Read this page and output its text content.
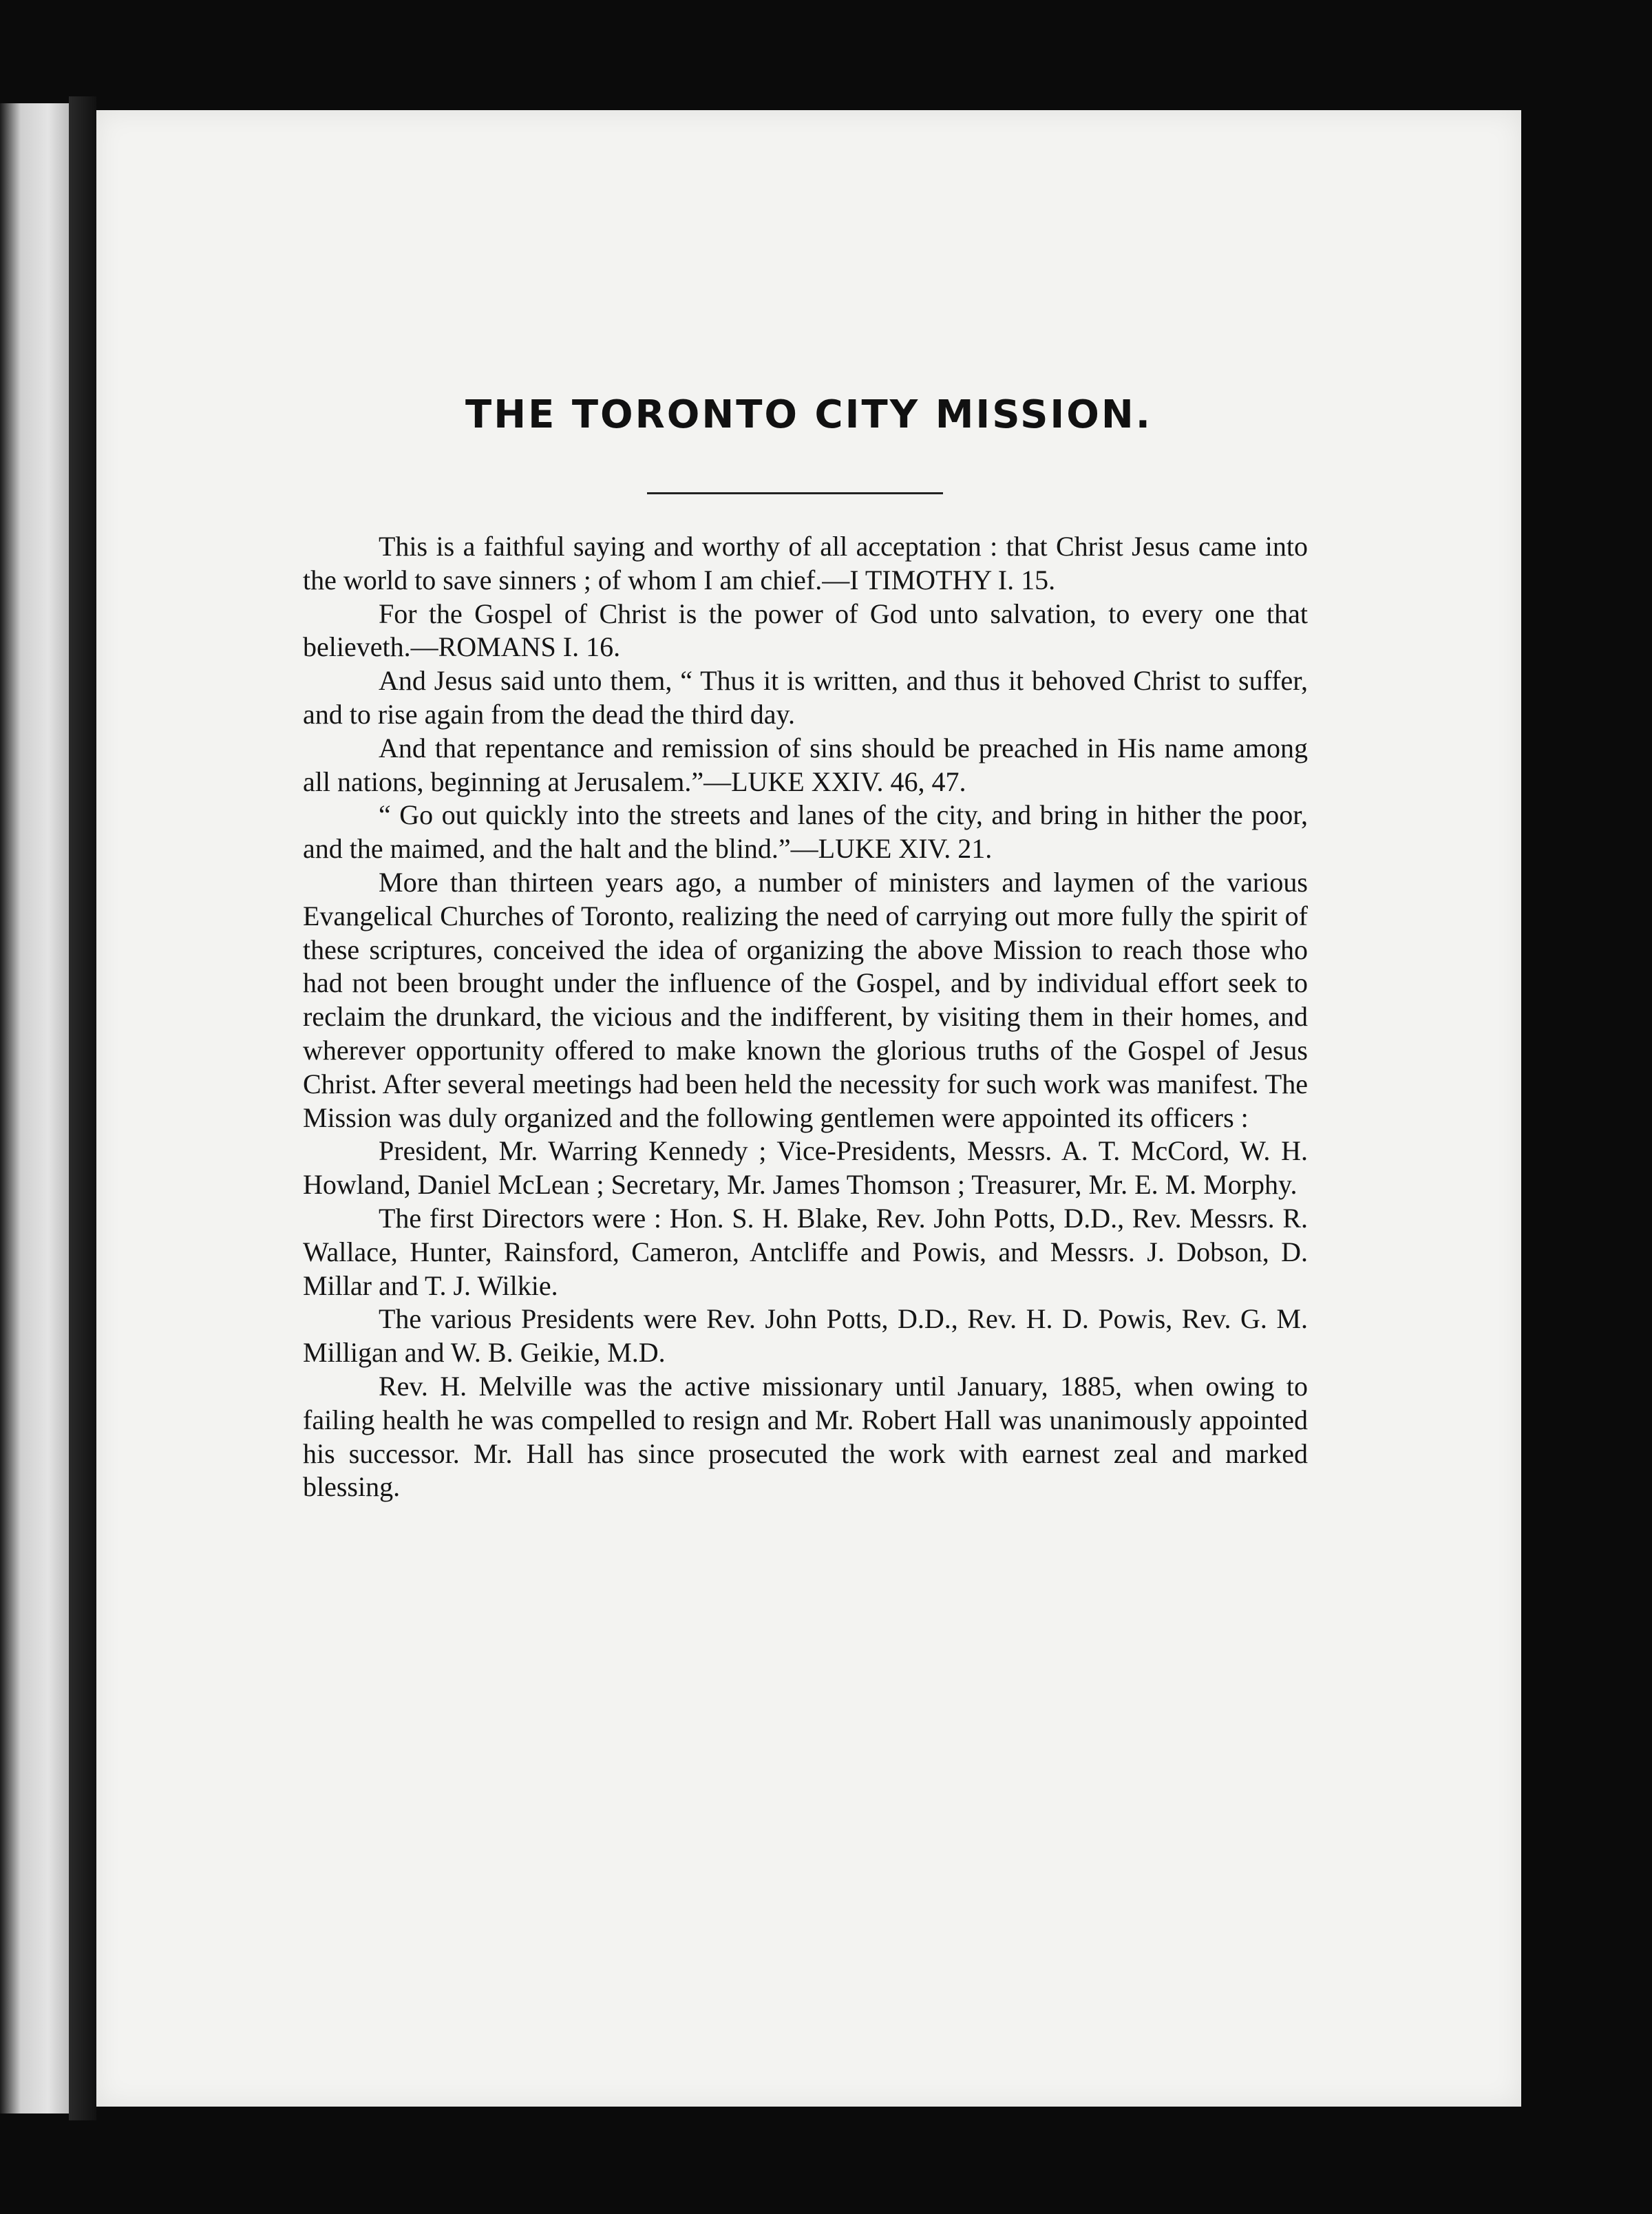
THE TORONTO CITY MISSION.

This is a faithful saying and worthy of all acceptation : that Christ Jesus came into the world to save sinners ; of whom I am chief.—I TIMOTHY I. 15.

For the Gospel of Christ is the power of God unto salvation, to every one that believeth.—ROMANS I. 16.

And Jesus said unto them, “ Thus it is written, and thus it behoved Christ to suffer, and to rise again from the dead the third day.

And that repentance and remission of sins should be preached in His name among all nations, beginning at Jerusalem.”—LUKE XXIV. 46, 47.

“ Go out quickly into the streets and lanes of the city, and bring in hither the poor, and the maimed, and the halt and the blind.”—LUKE XIV. 21.

More than thirteen years ago, a number of ministers and laymen of the various Evangelical Churches of Toronto, realizing the need of carrying out more fully the spirit of these scriptures, conceived the idea of organizing the above Mission to reach those who had not been brought under the influence of the Gospel, and by individual effort seek to reclaim the drunkard, the vicious and the indifferent, by visiting them in their homes, and wherever opportunity offered to make known the glorious truths of the Gospel of Jesus Christ. After several meetings had been held the necessity for such work was manifest. The Mission was duly organized and the following gentlemen were appointed its officers :

President, Mr. Warring Kennedy ; Vice-Presidents, Messrs. A. T. McCord, W. H. Howland, Daniel McLean ; Secretary, Mr. James Thomson ; Treasurer, Mr. E. M. Morphy.

The first Directors were : Hon. S. H. Blake, Rev. John Potts, D.D., Rev. Messrs. R. Wallace, Hunter, Rainsford, Cameron, Antcliffe and Powis, and Messrs. J. Dobson, D. Millar and T. J. Wilkie.

The various Presidents were Rev. John Potts, D.D., Rev. H. D. Powis, Rev. G. M. Milligan and W. B. Geikie, M.D.

Rev. H. Melville was the active missionary until January, 1885, when owing to failing health he was compelled to resign and Mr. Robert Hall was unanimously appointed his successor. Mr. Hall has since prosecuted the work with earnest zeal and marked blessing.
